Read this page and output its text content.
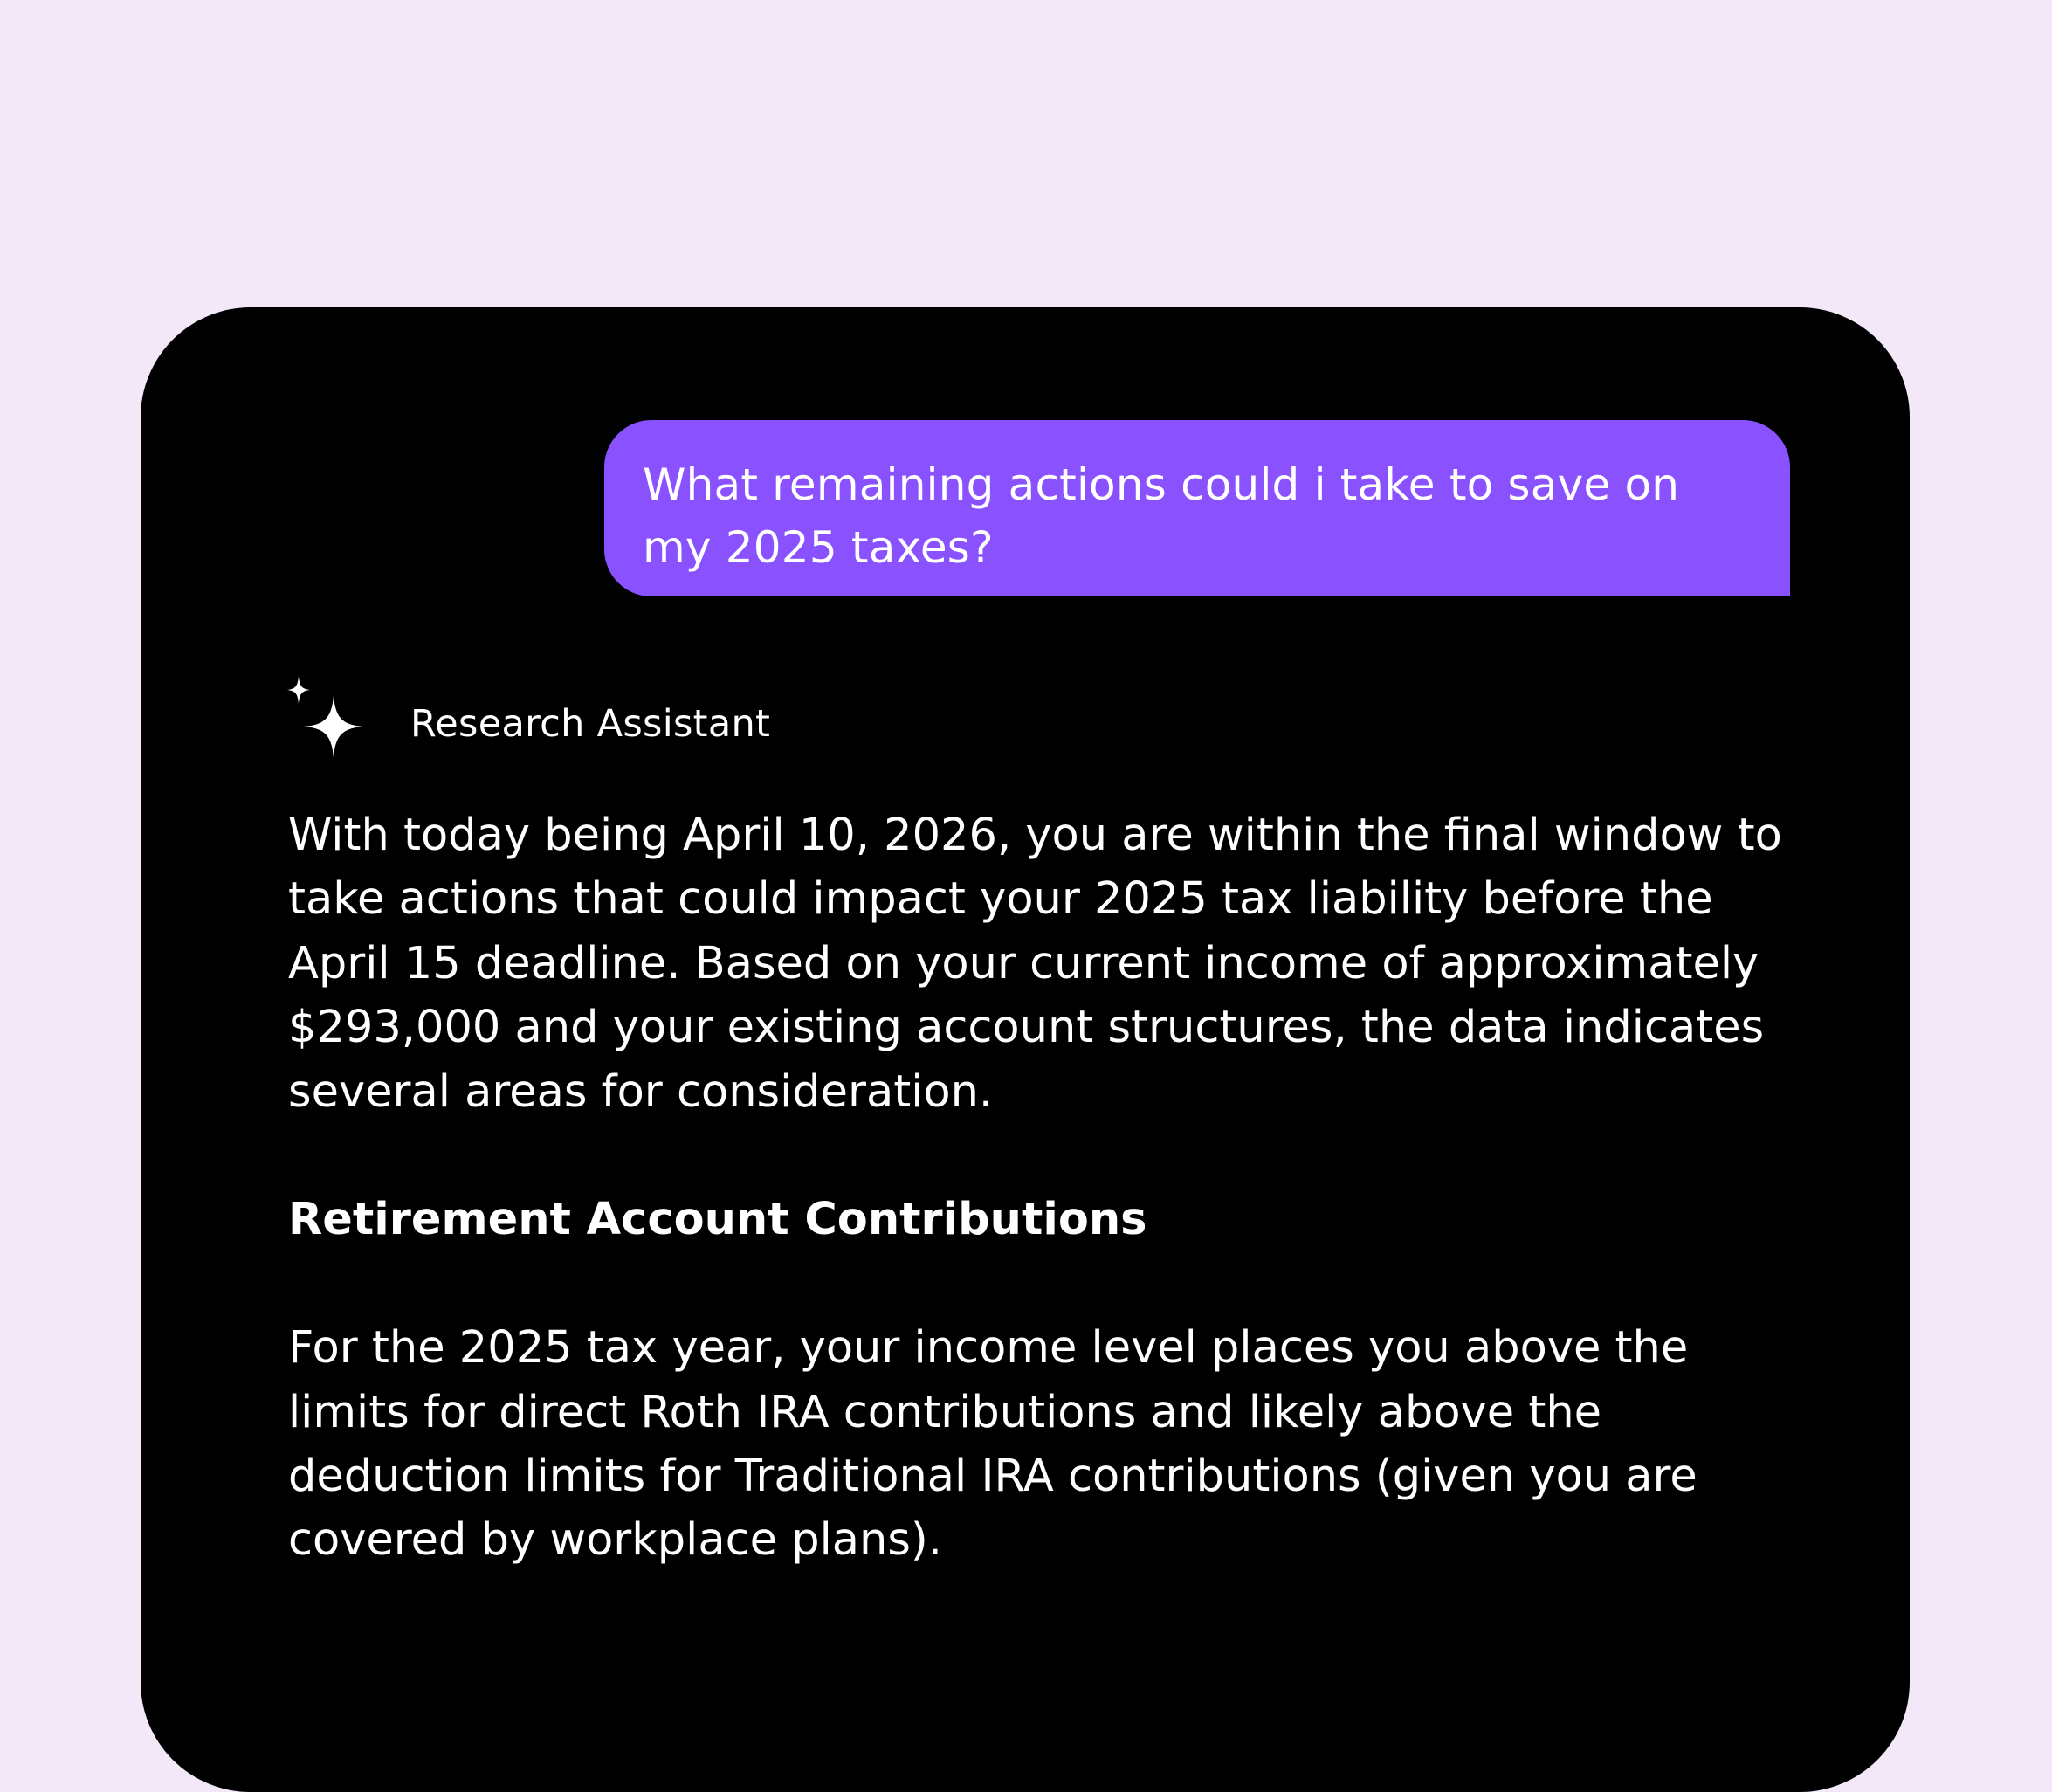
What remaining actions could i take to save on my 2025 taxes?
Research Assistant

With today being April 10, 2026, you are within the final window to take actions that could impact your 2025 tax liability before the April 15 deadline. Based on your current income of approximately $293,000 and your existing account structures, the data indicates several areas for consideration.

Retirement Account Contributions

For the 2025 tax year, your income level places you above the limits for direct Roth IRA contributions and likely above the deduction limits for Traditional IRA contributions (given you are covered by workplace plans).
